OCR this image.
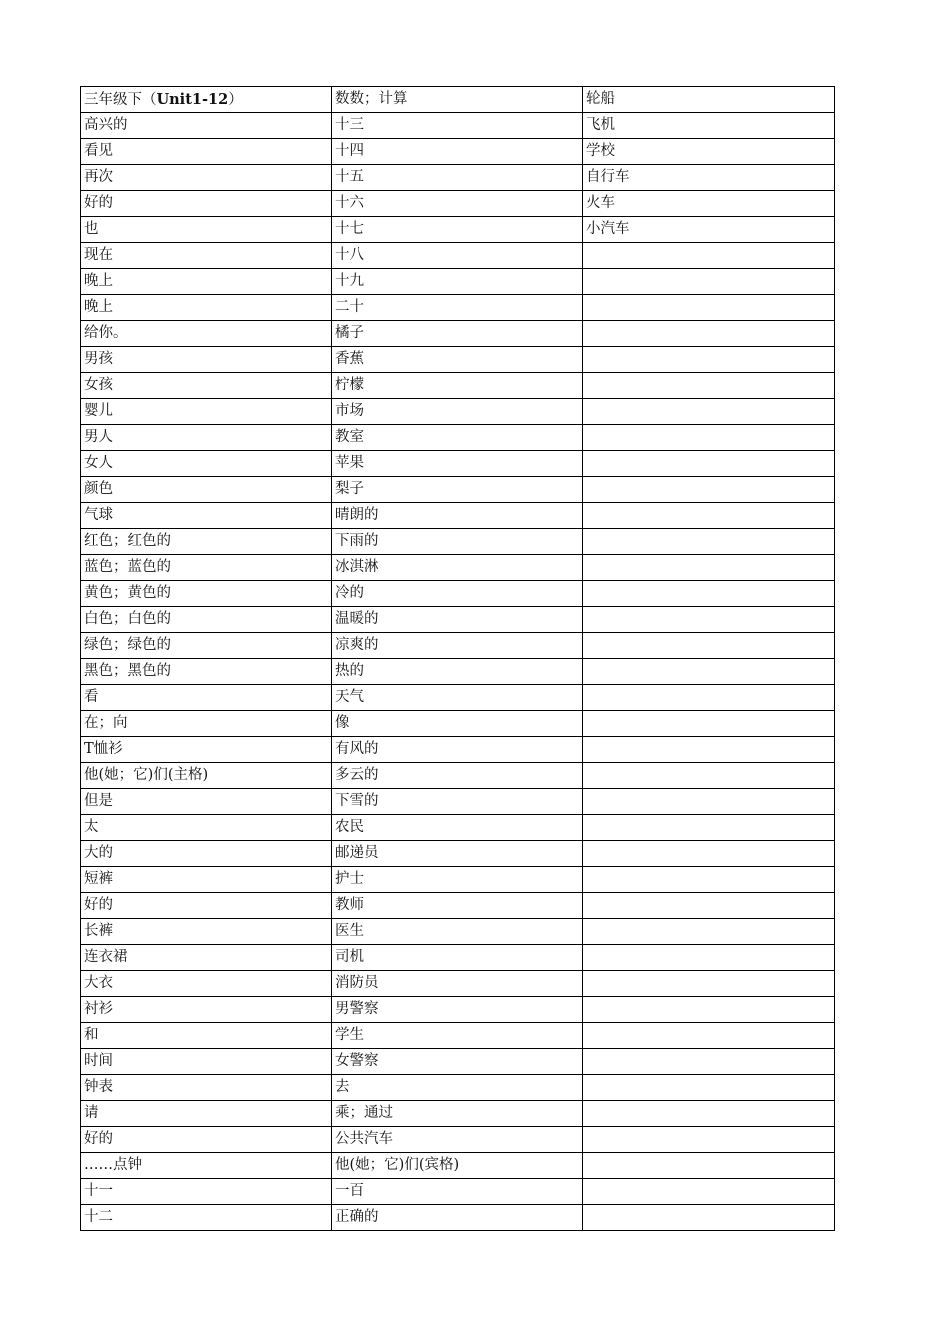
三年级下（Unit1-12）	数数；计算	轮船
高兴的	十三	飞机
看见	十四	学校
再次	十五	自行车
好的	十六	火车
也	十七	小汽车
现在	十八	
晚上	十九	
晚上	二十	
给你。	橘子	
男孩	香蕉	
女孩	柠檬	
婴儿	市场	
男人	教室	
女人	苹果	
颜色	梨子	
气球	晴朗的	
红色；红色的	下雨的	
蓝色；蓝色的	冰淇淋	
黄色；黄色的	冷的	
白色；白色的	温暖的	
绿色；绿色的	凉爽的	
黑色；黑色的	热的	
看	天气	
在；向	像	
T恤衫	有风的	
他(她；它)们(主格)	多云的	
但是	下雪的	
太	农民	
大的	邮递员	
短裤	护士	
好的	教师	
长裤	医生	
连衣裙	司机	
大衣	消防员	
衬衫	男警察	
和	学生	
时间	女警察	
钟表	去	
请	乘；通过	
好的	公共汽车	
……点钟	他(她；它)们(宾格)	
十一	一百	
十二	正确的	
